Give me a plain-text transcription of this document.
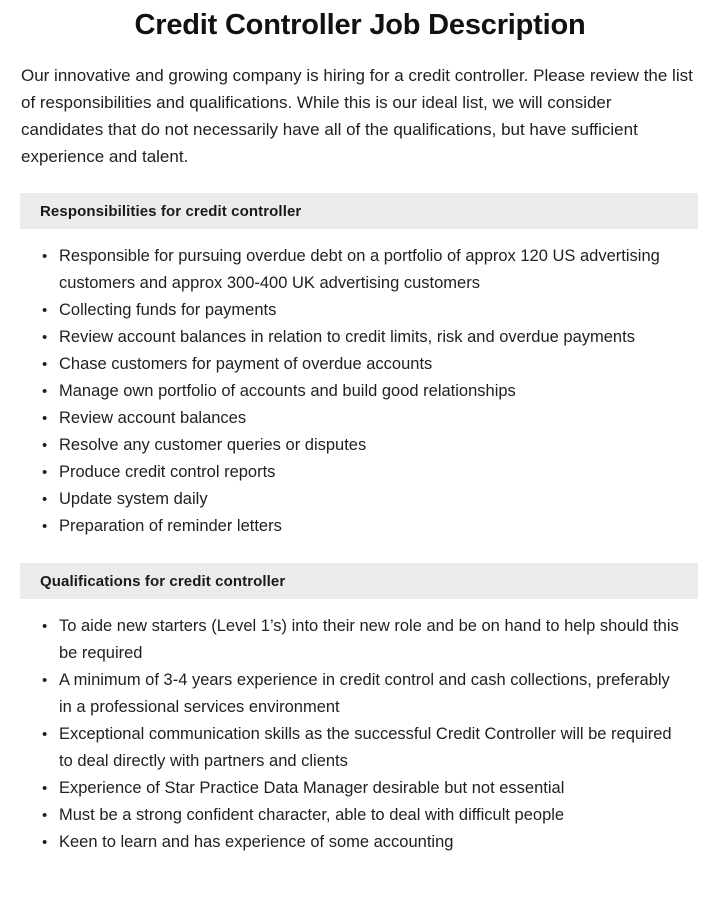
Credit Controller Job Description

Our innovative and growing company is hiring for a credit controller. Please review the list of responsibilities and qualifications. While this is our ideal list, we will consider candidates that do not necessarily have all of the qualifications, but have sufficient experience and talent.

Responsibilities for credit controller
• Responsible for pursuing overdue debt on a portfolio of approx 120 US advertising customers and approx 300-400 UK advertising customers
• Collecting funds for payments
• Review account balances in relation to credit limits, risk and overdue payments
• Chase customers for payment of overdue accounts
• Manage own portfolio of accounts and build good relationships
• Review account balances
• Resolve any customer queries or disputes
• Produce credit control reports
• Update system daily
• Preparation of reminder letters
Qualifications for credit controller
• To aide new starters (Level 1’s) into their new role and be on hand to help should this be required
• A minimum of 3-4 years experience in credit control and cash collections, preferably in a professional services environment
• Exceptional communication skills as the successful Credit Controller will be required to deal directly with partners and clients
• Experience of Star Practice Data Manager desirable but not essential
• Must be a strong confident character, able to deal with difficult people
• Keen to learn and has experience of some accounting
